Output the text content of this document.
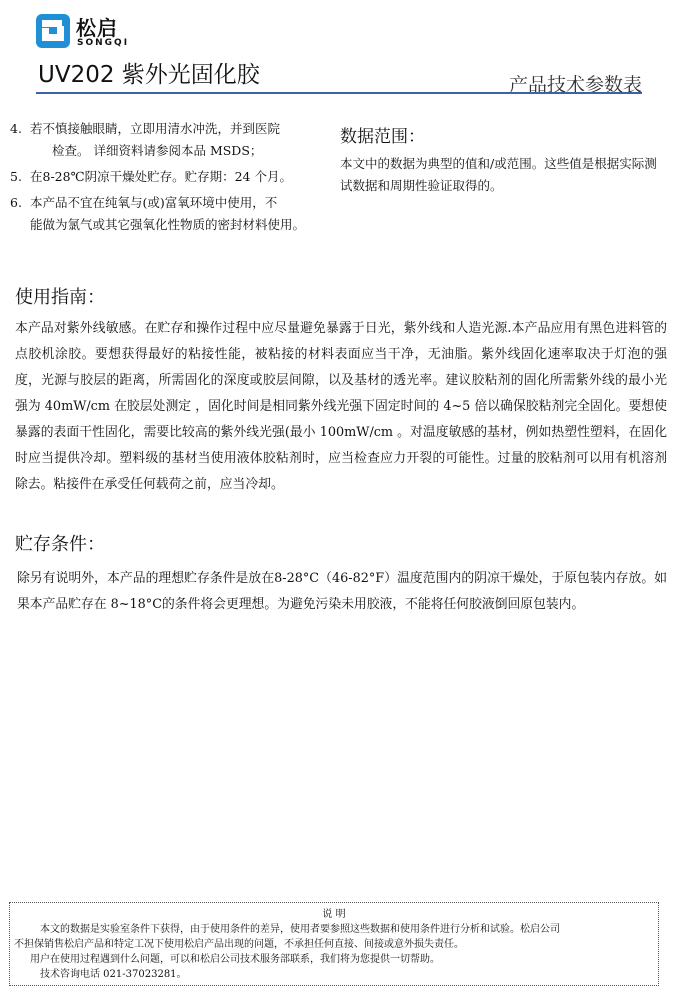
松启
SONGQI
UV202 紫外光固化胶	产品技术参数表
4. 若不慎接触眼睛，立即用清水冲洗，并到医院
检查。 详细资料请参阅本品 MSDS；
5. 在8-28℃阴凉干燥处贮存。贮存期：24 个月。
6. 本产品不宜在纯氧与(或)富氧环境中使用，不
能做为氯气或其它强氧化性物质的密封材料使用。
数据范围：

本文中的数据为典型的值和/或范围。这些值是根据实际测试数据和周期性验证取得的。

使用指南：

本产品对紫外线敏感。在贮存和操作过程中应尽量避免暴露于日光，紫外线和人造光源.本产品应用有黑色进料管的点胶机涂胶。要想获得最好的粘接性能，被粘接的材料表面应当干净，无油脂。紫外线固化速率取决于灯泡的强度，光源与胶层的距离，所需固化的深度或胶层间隙，以及基材的透光率。建议胶粘剂的固化所需紫外线的最小光强为 40mW/cm 在胶层处测定 ，固化时间是相同紫外线光强下固定时间的 4~5 倍以确保胶粘剂完全固化。要想使暴露的表面干性固化，需要比较高的紫外线光强(最小 100mW/cm 。对温度敏感的基材，例如热塑性塑料，在固化时应当提供冷却。塑料级的基材当使用液体胶粘剂时，应当检查应力开裂的可能性。过量的胶粘剂可以用有机溶剂除去。粘接件在承受任何载荷之前，应当冷却。

贮存条件：

除另有说明外，本产品的理想贮存条件是放在8-28°C（46-82°F）温度范围内的阴凉干燥处，于原包装内存放。如果本产品贮存在 8~18°C的条件将会更理想。为避免污染未用胶液，不能将任何胶液倒回原包装内。

说 明

本文的数据是实验室条件下获得，由于使用条件的差异，使用者要参照这些数据和使用条件进行分析和试验。松启公司

不担保销售松启产品和特定工况下使用松启产品出现的问题，不承担任何直接、间接或意外损失责任。

用户在使用过程遇到什么问题，可以和松启公司技术服务部联系，我们将为您提供一切帮助。

技术咨询电话 021-37023281。
